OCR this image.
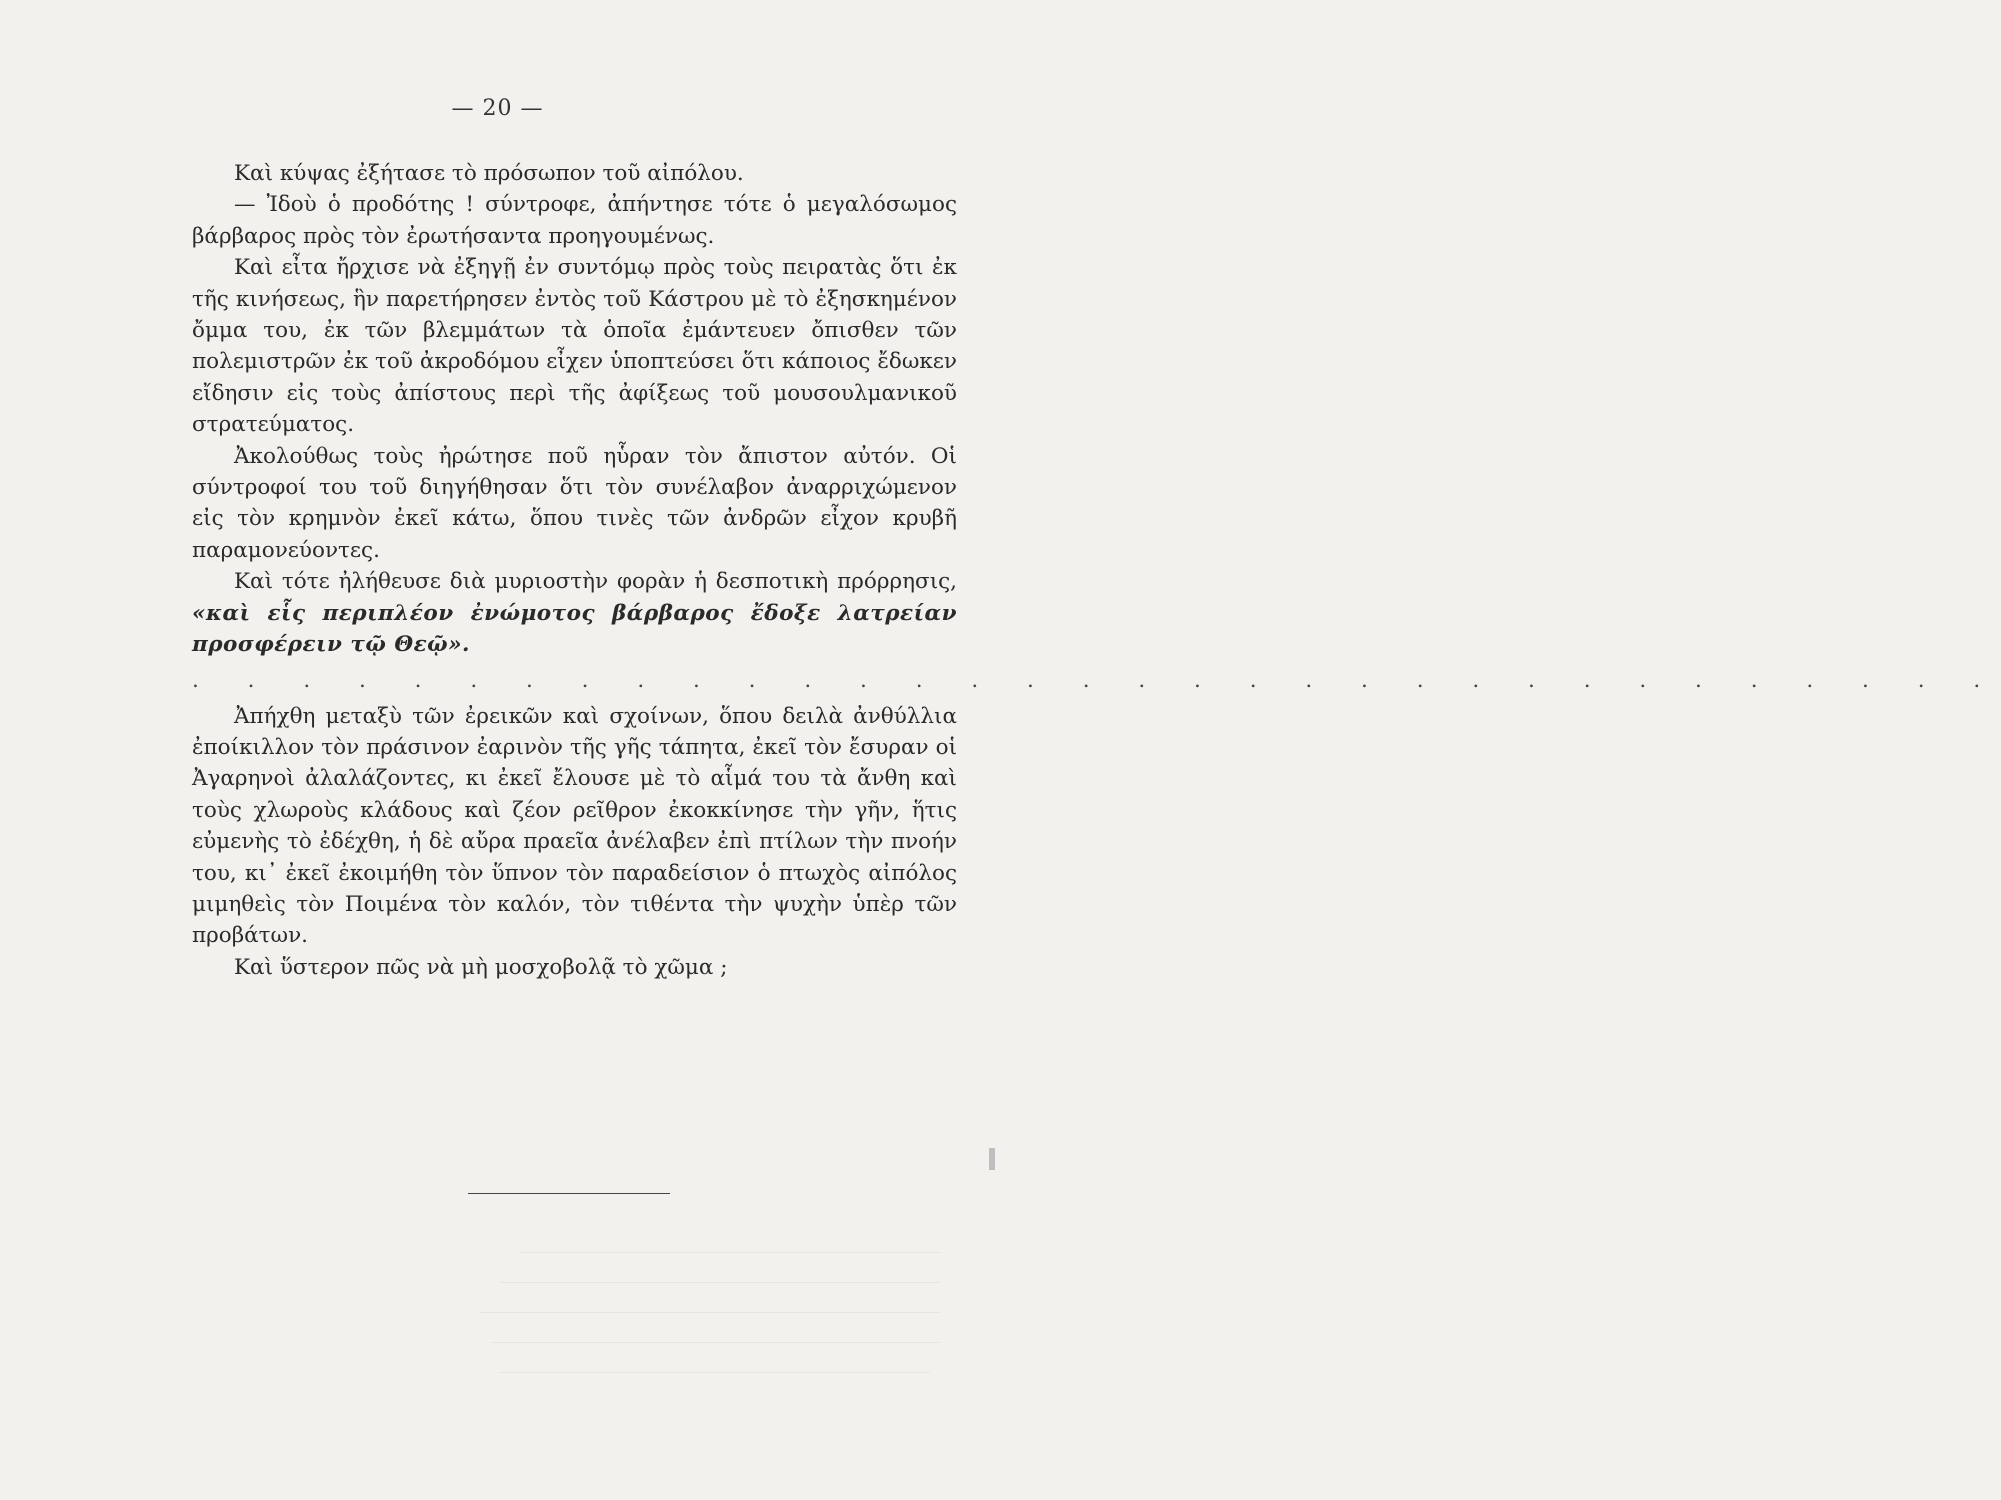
— 20 —

Καὶ κύψας ἐξήτασε τὸ πρόσωπον τοῦ αἰπόλου.

— Ἰδοὺ ὁ προδότης ! σύντροφε, ἀπήντησε τότε ὁ μεγαλόσωμος βάρβαρος πρὸς τὸν ἐρωτήσαντα προηγουμένως.

Καὶ εἶτα ἤρχισε νὰ ἐξηγῇ ἐν συντόμῳ πρὸς τοὺς πειρατὰς ὅτι ἐκ τῆς κινήσεως, ἣν παρετήρησεν ἐντὸς τοῦ Κάστρου μὲ τὸ ἐξησκημένον ὄμμα του, ἐκ τῶν βλεμμάτων τὰ ὁποῖα ἐμάντευεν ὄπισθεν τῶν πολεμιστρῶν ἐκ τοῦ ἀκροδόμου εἶχεν ὑποπτεύσει ὅτι κάποιος ἔδωκεν εἴδησιν εἰς τοὺς ἀπίστους περὶ τῆς ἀφίξεως τοῦ μουσουλμανικοῦ στρατεύματος.

Ἀκολούθως τοὺς ἠρώτησε ποῦ ηὗραν τὸν ἄπιστον αὐτόν. Οἱ σύντροφοί του τοῦ διηγήθησαν ὅτι τὸν συνέλαβον ἀναρριχώμενον εἰς τὸν κρημνὸν ἐκεῖ κάτω, ὅπου τινὲς τῶν ἀνδρῶν εἶχον κρυβῆ παραμονεύοντες.

Καὶ τότε ἠλήθευσε διὰ μυριοστὴν φορὰν ἡ δεσποτικὴ πρόρρησις, «καὶ εἷς περιπλέον ἐνώμοτος βάρβαρος ἔδοξε λατρείαν προσφέρειν τῷ Θεῷ».

. . . . . . . . . . . . . . . . . . . . . . . . . . . . . . . . .

Ἀπήχθη μεταξὺ τῶν ἐρεικῶν καὶ σχοίνων, ὅπου δειλὰ ἀνθύλλια ἐποίκιλλον τὸν πράσινον ἐαρινὸν τῆς γῆς τάπητα, ἐκεῖ τὸν ἔσυραν οἱ Ἀγαρηνοὶ ἀλαλάζοντες, κι ἐκεῖ ἔλουσε μὲ τὸ αἷμά του τὰ ἄνθη καὶ τοὺς χλωροὺς κλάδους καὶ ζέον ρεῖθρον ἐκοκκίνησε τὴν γῆν, ἥτις εὐμενὴς τὸ ἐδέχθη, ἡ δὲ αὔρα πραεῖα ἀνέλαβεν ἐπὶ πτίλων τὴν πνοήν του, κι᾽ ἐκεῖ ἐκοιμήθη τὸν ὕπνον τὸν παραδείσιον ὁ πτωχὸς αἰπόλος μιμηθεὶς τὸν Ποιμένα τὸν καλόν, τὸν τιθέντα τὴν ψυχὴν ὑπὲρ τῶν προβάτων.

Καὶ ὕστερον πῶς νὰ μὴ μοσχοβολᾷ τὸ χῶμα ;
